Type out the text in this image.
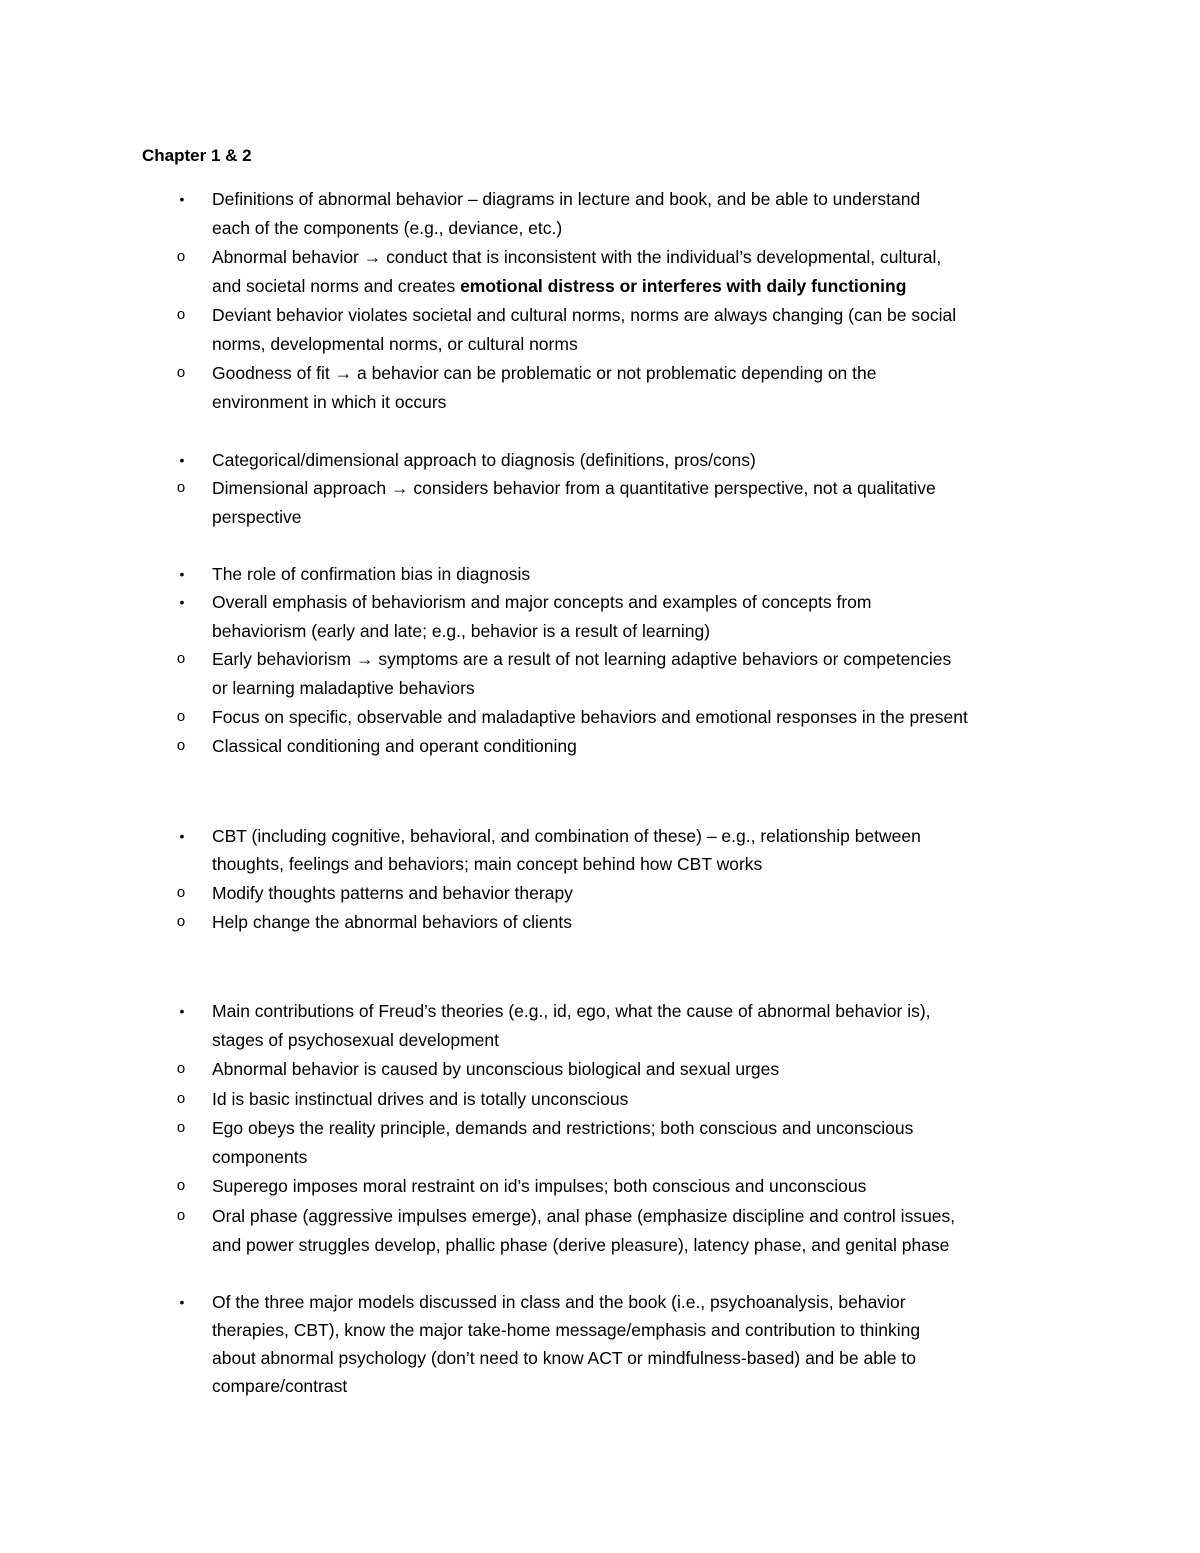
Chapter 1 & 2
•	Definitions of abnormal behavior – diagrams in lecture and book, and be able to understand
each of the components (e.g., deviance, etc.)
o	Abnormal behavior → conduct that is inconsistent with the individual’s developmental, cultural,
and societal norms and creates emotional distress or interferes with daily functioning
o	Deviant behavior violates societal and cultural norms, norms are always changing (can be social
norms, developmental norms, or cultural norms
o	Goodness of fit → a behavior can be problematic or not problematic depending on the
environment in which it occurs
•	Categorical/dimensional approach to diagnosis (definitions, pros/cons)
o	Dimensional approach → considers behavior from a quantitative perspective, not a qualitative
perspective
•	The role of confirmation bias in diagnosis
•	Overall emphasis of behaviorism and major concepts and examples of concepts from
behaviorism (early and late; e.g., behavior is a result of learning)
o	Early behaviorism → symptoms are a result of not learning adaptive behaviors or competencies
or learning maladaptive behaviors
o	Focus on specific, observable and maladaptive behaviors and emotional responses in the present
o	Classical conditioning and operant conditioning
•	CBT (including cognitive, behavioral, and combination of these) – e.g., relationship between
thoughts, feelings and behaviors; main concept behind how CBT works
o	Modify thoughts patterns and behavior therapy
o	Help change the abnormal behaviors of clients
•	Main contributions of Freud’s theories (e.g., id, ego, what the cause of abnormal behavior is),
stages of psychosexual development
o	Abnormal behavior is caused by unconscious biological and sexual urges
o	Id is basic instinctual drives and is totally unconscious
o	Ego obeys the reality principle, demands and restrictions; both conscious and unconscious
components
o	Superego imposes moral restraint on id’s impulses; both conscious and unconscious
o	Oral phase (aggressive impulses emerge), anal phase (emphasize discipline and control issues,
and power struggles develop, phallic phase (derive pleasure), latency phase, and genital phase
•	Of the three major models discussed in class and the book (i.e., psychoanalysis, behavior
therapies, CBT), know the major take-home message/emphasis and contribution to thinking
about abnormal psychology (don’t need to know ACT or mindfulness-based) and be able to
compare/contrast
